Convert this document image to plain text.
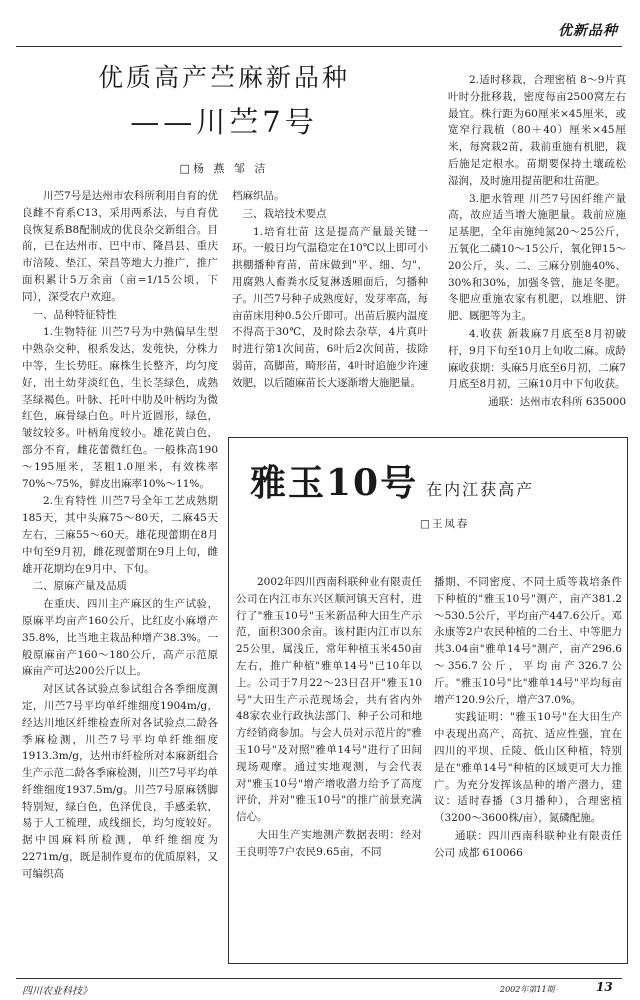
优新品种
优质高产苎麻新品种
——川苎7号
□杨 燕 邹 洁

川苎7号是达州市农科所利用自育的优良雌不育系C13，采用两系法，与自育优良恢复系B8配制成的优良杂交新组合。目前，已在达州市、巴中市、隆昌县、重庆市涪陵、垫江、荣昌等地大力推广，推广面积累计5万余亩（亩=1/15公顷，下同），深受农户欢迎。

一、品种特征特性

1.生物特征 川苎7号为中熟偏早生型中熟杂交种，根系发达，发蔸快，分株力中等，生长势旺。麻株生长整齐，均匀度好，出土幼芽淡红色，生长茎绿色，成熟茎绿褐色。叶脉、托叶中肋及叶柄均为微红色，麻骨绿白色。叶片近圆形，绿色，皱纹较多。叶柄角度较小。雄花黄白色，部分不育，雌花蕾微红色。一般株高190～195厘米，茎粗1.0厘米，有效株率70%～75%，鲜皮出麻率10%～11%。

2.生育特性 川苎7号全年工艺成熟期185天，其中头麻75～80天，二麻45天左右，三麻55～60天。雄花现蕾期在8月中旬至9月初，雌花现蕾期在9月上旬，雌雄开花期均在9月中、下旬。

二、原麻产量及品质

在重庆、四川主产麻区的生产试验，原麻平均亩产160公斤，比红皮小麻增产35.8%，比当地主栽品种增产38.3%。一般原麻亩产160～180公斤，高产示范原麻亩产可达200公斤以上。

对区试各试验点参试组合各季细度测定，川苎7号平均单纤维细度1904m/g，经达川地区纤维检查所对各试验点二龄各季麻检测，川苎7号平均单纤维细度1913.3m/g，达州市纤检所对本麻新组合生产示范二龄各季麻检测，川苎7号平均单纤维细度1937.5m/g。川苎7号原麻锈脚特别短，绿白色，色泽优良，手感柔软，易于人工梳理，成线细长，均匀度较好。据中国麻料所检测，单纤维细度为2271m/g，既是制作夏布的优质原料，又可编织高

档麻织品。

三、栽培技术要点

1.培育壮苗 这是提高产量最关键一环。一般日均气温稳定在10℃以上即可小拱棚播种育苗，苗床做到"平、细、匀"，用腐熟人畜粪水反复淋透厢面后，匀播种子。川苎7号种子成熟度好，发芽率高，每亩苗床用种0.5公斤即可。出苗后膜内温度不得高于30℃，及时除去杂草，4片真叶时进行第1次间苗，6叶后2次间苗，拔除弱苗，高脚苗，畸形苗，4叶时追施少许速效肥，以后随麻苗长大逐渐增大施肥量。

2.适时移栽，合理密植 8～9片真叶时分批移栽，密度每亩2500窝左右最宜。株行距为60厘米×45厘米，或宽窄行栽植（80＋40）厘米×45厘米，每窝栽2苗，栽前重施有机肥，栽后施足定根水。苗期要保持土壤疏松湿润，及时施用提苗肥和壮苗肥。

3.肥水管理 川苎7号因纤维产量高，故应适当增大施肥量。栽前应施足基肥，全年亩施纯氮20～25公斤，五氧化二磷10～15公斤，氧化钾15～20公斤，头、二、三麻分别施40%、30%和30%，加强冬管，施足冬肥。冬肥应重施农家有机肥，以堆肥、饼肥、厩肥等为主。

4.收获 新栽麻7月底至8月初破杆，9月下旬至10月上旬收二麻。成龄麻收获期：头麻5月底至6月初，二麻7月底至8月初，三麻10月中下旬收获。

通联：达州市农科所 635000

雅玉10号 在内江获高产
□王凤春

2002年四川西南科联种业有限责任公司在内江市东兴区顺河镇天宫村，进行了"雅玉10号"玉米新品种大田生产示范，面积300余亩。该村距内江市以东25公里，属浅丘，常年种植玉米450亩左右，推广种植"雅单14号"已10年以上。公司于7月22～23日召开"雅玉10号"大田生产示范现场会，共有省内外48家农业行政执法部门、种子公司和地方经销商参加。与会人员对示范片的"雅玉10号"及对照"雅单14号"进行了田间现场观摩。通过实地观测，与会代表对"雅玉10号"增产增收潜力给予了高度评价，并对"雅玉10号"的推广前景充满信心。

大田生产实地测产数据表明：经对王良明等7户农民9.65亩，不同

播期、不同密度、不同土质等栽培条件下种植的"雅玉10号"测产，亩产381.2～530.5公斤，平均亩产447.6公斤。邓永康等2户农民种植的二台土、中等肥力共3.04亩"雅单14号"测产，亩产296.6～356.7公斤，平均亩产326.7公斤。"雅玉10号"比"雅单14号"平均每亩增产120.9公斤，增产37.0%。

实践证明："雅玉10号"在大田生产中表现出高产、高抗、适应性强，宜在四川的平坝、丘陵、低山区种植，特别是在"雅单14号"种植的区域更可大力推广。为充分发挥该品种的增产潜力，建议：适时春播（3月播种），合理密植（3200～3600株/亩），氮磷配施。

通联：四川西南科联种业有限责任公司 成都 610066

四川农业科技》	2002年第11期	13
